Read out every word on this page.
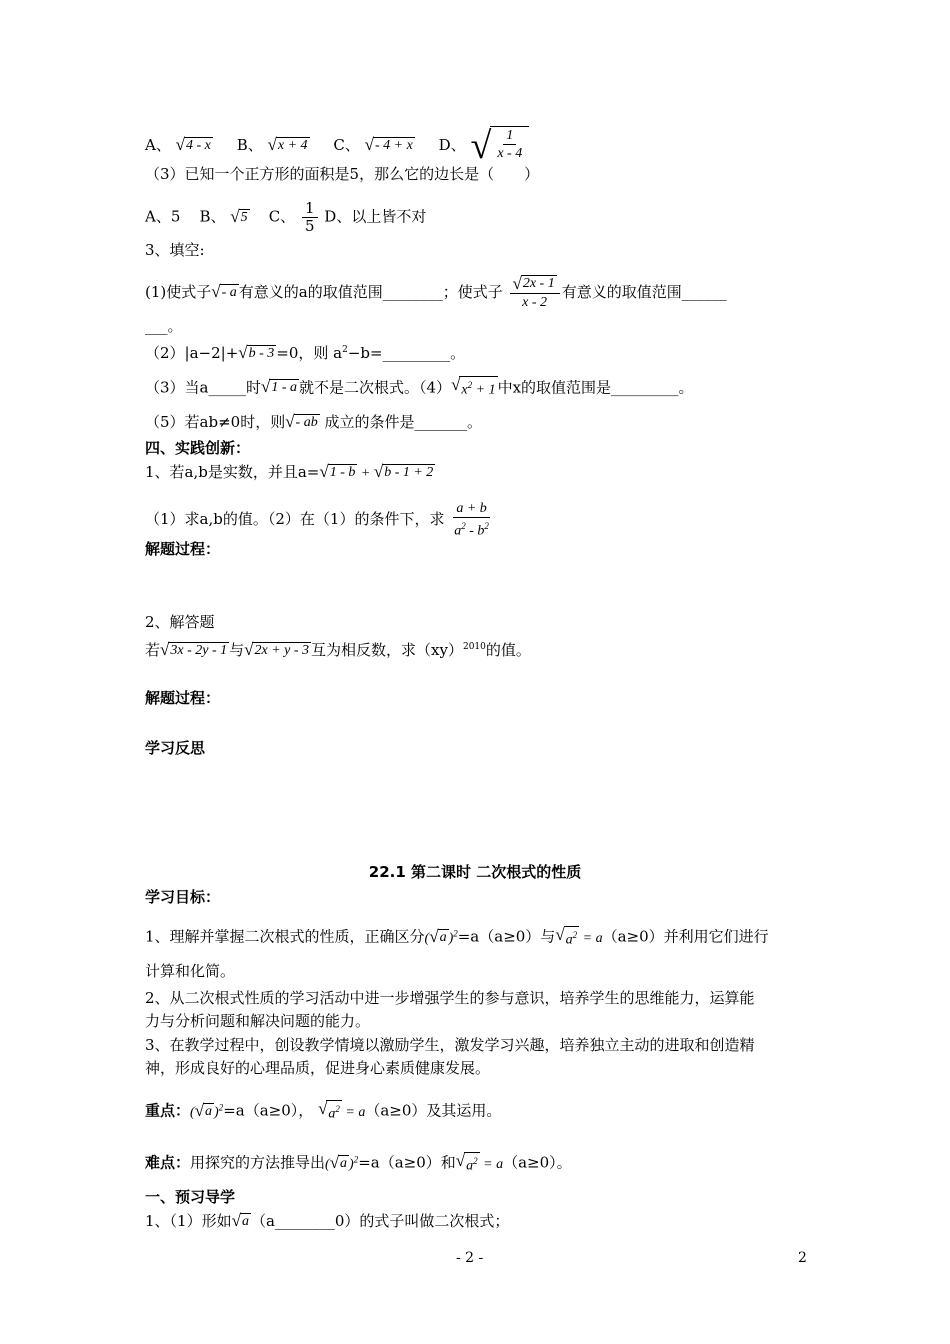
A、 √4 - x B、 √x + 4 C、 √- 4 + x D、 √ $\frac{1}{x - 4}$
（3）已知一个正方形的面积是5，那么它的边长是（　　）
A、5 B、 √5 C、 $\frac{1}{5}$ D、以上皆不对
3、填空:
(1)使式子√- a 有意义的a的取值范围________；使式子 $\frac{√2x - 1}{x - 2}$ 有意义的取值范围______
___。
（2）|a−2|+√b - 3 =0，则 $a^2-b=\_\_\_\_\_\_\_\_\_$。
（3）当a_____时√1 - a 就不是二次根式。$(4)√x^2 + 1$ 中x的取值范围是_________。
（5）若ab≠0时，则√- ab 成立的条件是_______。
四、实践创新：
1、若a,b是实数，并且a=√1 - b + √b - 1 + 2
（1）求a,b的值。（2）在（1）的条件下，求 $\frac{a + b}{a^2 - b^2}$
解题过程：
2、解答题
若√3x - 2y - 1 与√2x + y - 3 互为相反数，求（xy）$^{2010}$的值。
解题过程：
学习反思
22.1 第二课时 二次根式的性质
学习目标：
1、理解并掌握二次根式的性质，正确区分(√a )$^2$=a（a≥0）与$√a^2 = a(a\ge 0)$并利用它们进行
计算和化简。
2、从二次根式性质的学习活动中进一步增强学生的参与意识，培养学生的思维能力，运算能
力与分析问题和解决问题的能力。
3、在教学过程中，创设教学情境以激励学生，激发学习兴趣，培养独立主动的进取和创造精
神，形成良好的心理品质，促进身心素质健康发展。
重点：(√a )$^2$=a（a≥0）， $√a^2 = a(a\ge 0)$及其运用。
难点：用探究的方法推导出(√a )$^2$=a（a≥0）和$√a^2 = a(a\ge 0)$。
一、预习导学
1、（1）形如√a （a________0）的式子叫做二次根式；
- 2 -	2
